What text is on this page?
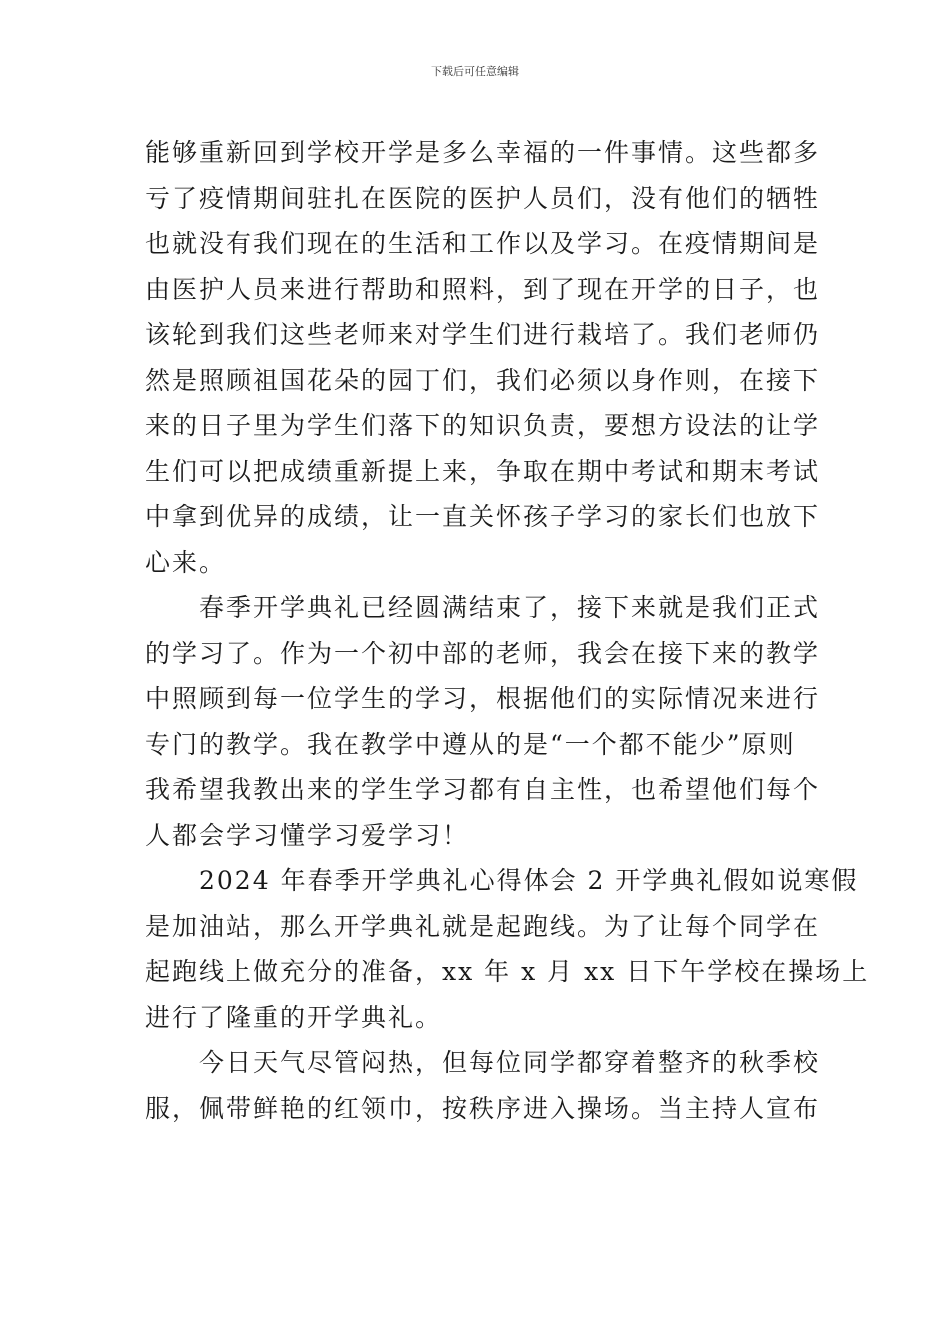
下载后可任意编辑
能够重新回到学校开学是多么幸福的一件事情。这些都多
亏了疫情期间驻扎在医院的医护人员们，没有他们的牺牲
也就没有我们现在的生活和工作以及学习。在疫情期间是
由医护人员来进行帮助和照料，到了现在开学的日子，也
该轮到我们这些老师来对学生们进行栽培了。我们老师仍
然是照顾祖国花朵的园丁们，我们必须以身作则，在接下
来的日子里为学生们落下的知识负责，要想方设法的让学
生们可以把成绩重新提上来，争取在期中考试和期末考试
中拿到优异的成绩，让一直关怀孩子学习的家长们也放下
心来。
春季开学典礼已经圆满结束了，接下来就是我们正式
的学习了。作为一个初中部的老师，我会在接下来的教学
中照顾到每一位学生的学习，根据他们的实际情况来进行
专门的教学。我在教学中遵从的是“一个都不能少”原则
我希望我教出来的学生学习都有自主性，也希望他们每个
人都会学习懂学习爱学习！
2024 年春季开学典礼心得体会 2 开学典礼假如说寒假
是加油站，那么开学典礼就是起跑线。为了让每个同学在
起跑线上做充分的准备，xx 年 x 月 xx 日下午学校在操场上
进行了隆重的开学典礼。
今日天气尽管闷热，但每位同学都穿着整齐的秋季校
服，佩带鲜艳的红领巾，按秩序进入操场。当主持人宣布
